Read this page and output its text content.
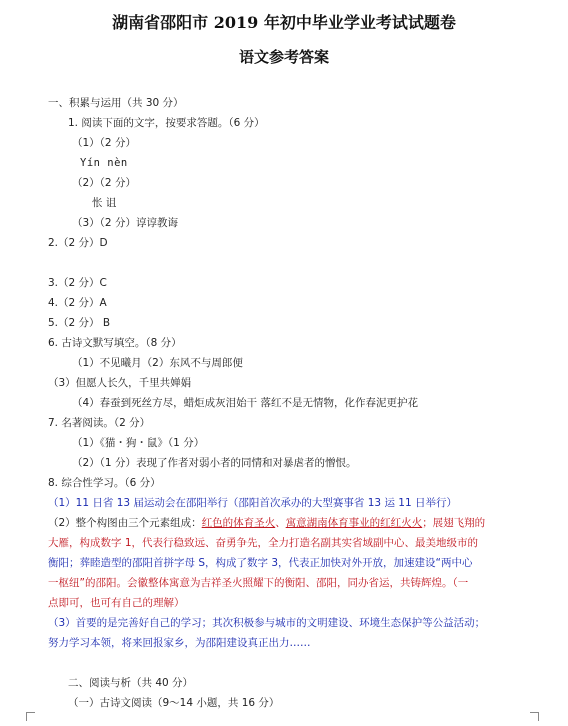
湖南省邵阳市 2019 年初中毕业学业考试试题卷
语文参考答案
一、积累与运用（共 30 分）
1. 阅读下面的文字，按要求答题。（6 分）
（1）（2 分）
Yín nèn
（2）（2 分）
怅 诅
（3）（2 分）谆谆教诲
2.（2 分）D
3.（2 分）C
4.（2 分）A
5.（2 分） B
6. 古诗文默写填空。（8 分）
（1）不见曦月（2）东风不与周郎便
（3）但愿人长久，千里共婵娟
（4）春蚕到死丝方尽，蜡炬成灰泪始干 落红不是无情物，化作春泥更护花
7. 名著阅读。（2 分）
（1）《猫・狗・鼠》（1 分）
（2）（1 分）表现了作者对弱小者的同情和对暴虐者的憎恨。
8. 综合性学习。（6 分）
（1）11 日省 13 届运动会在邵阳举行（邵阳首次承办的大型赛事省 13 运 11 日举行）
（2）整个构图由三个元素组成：红色的体育圣火、寓意湖南体育事业的红红火火；展翅飞翔的
大雁，构成数字 1，代表行稳致远、奋勇争先，全力打造名副其实省域副中心、最美地级市的
衡阳；葬睦造型的邵阳首拼字母 S，构成了数字 3，代表正加快对外开放，加速建设“两中心
一枢纽”的邵阳。会徽整体寓意为吉祥圣火照耀下的衡阳、邵阳，同办省运，共铸辉煌。（一
点即可，也可有自己的理解）
（3）首要的是完善好自己的学习；其次积极参与城市的文明建设、环境生态保护等公益活动；
努力学习本领，将来回报家乡，为邵阳建设真正出力……
二、阅读与析（共 40 分）
（一）古诗文阅读（9～14 小题，共 16 分）
